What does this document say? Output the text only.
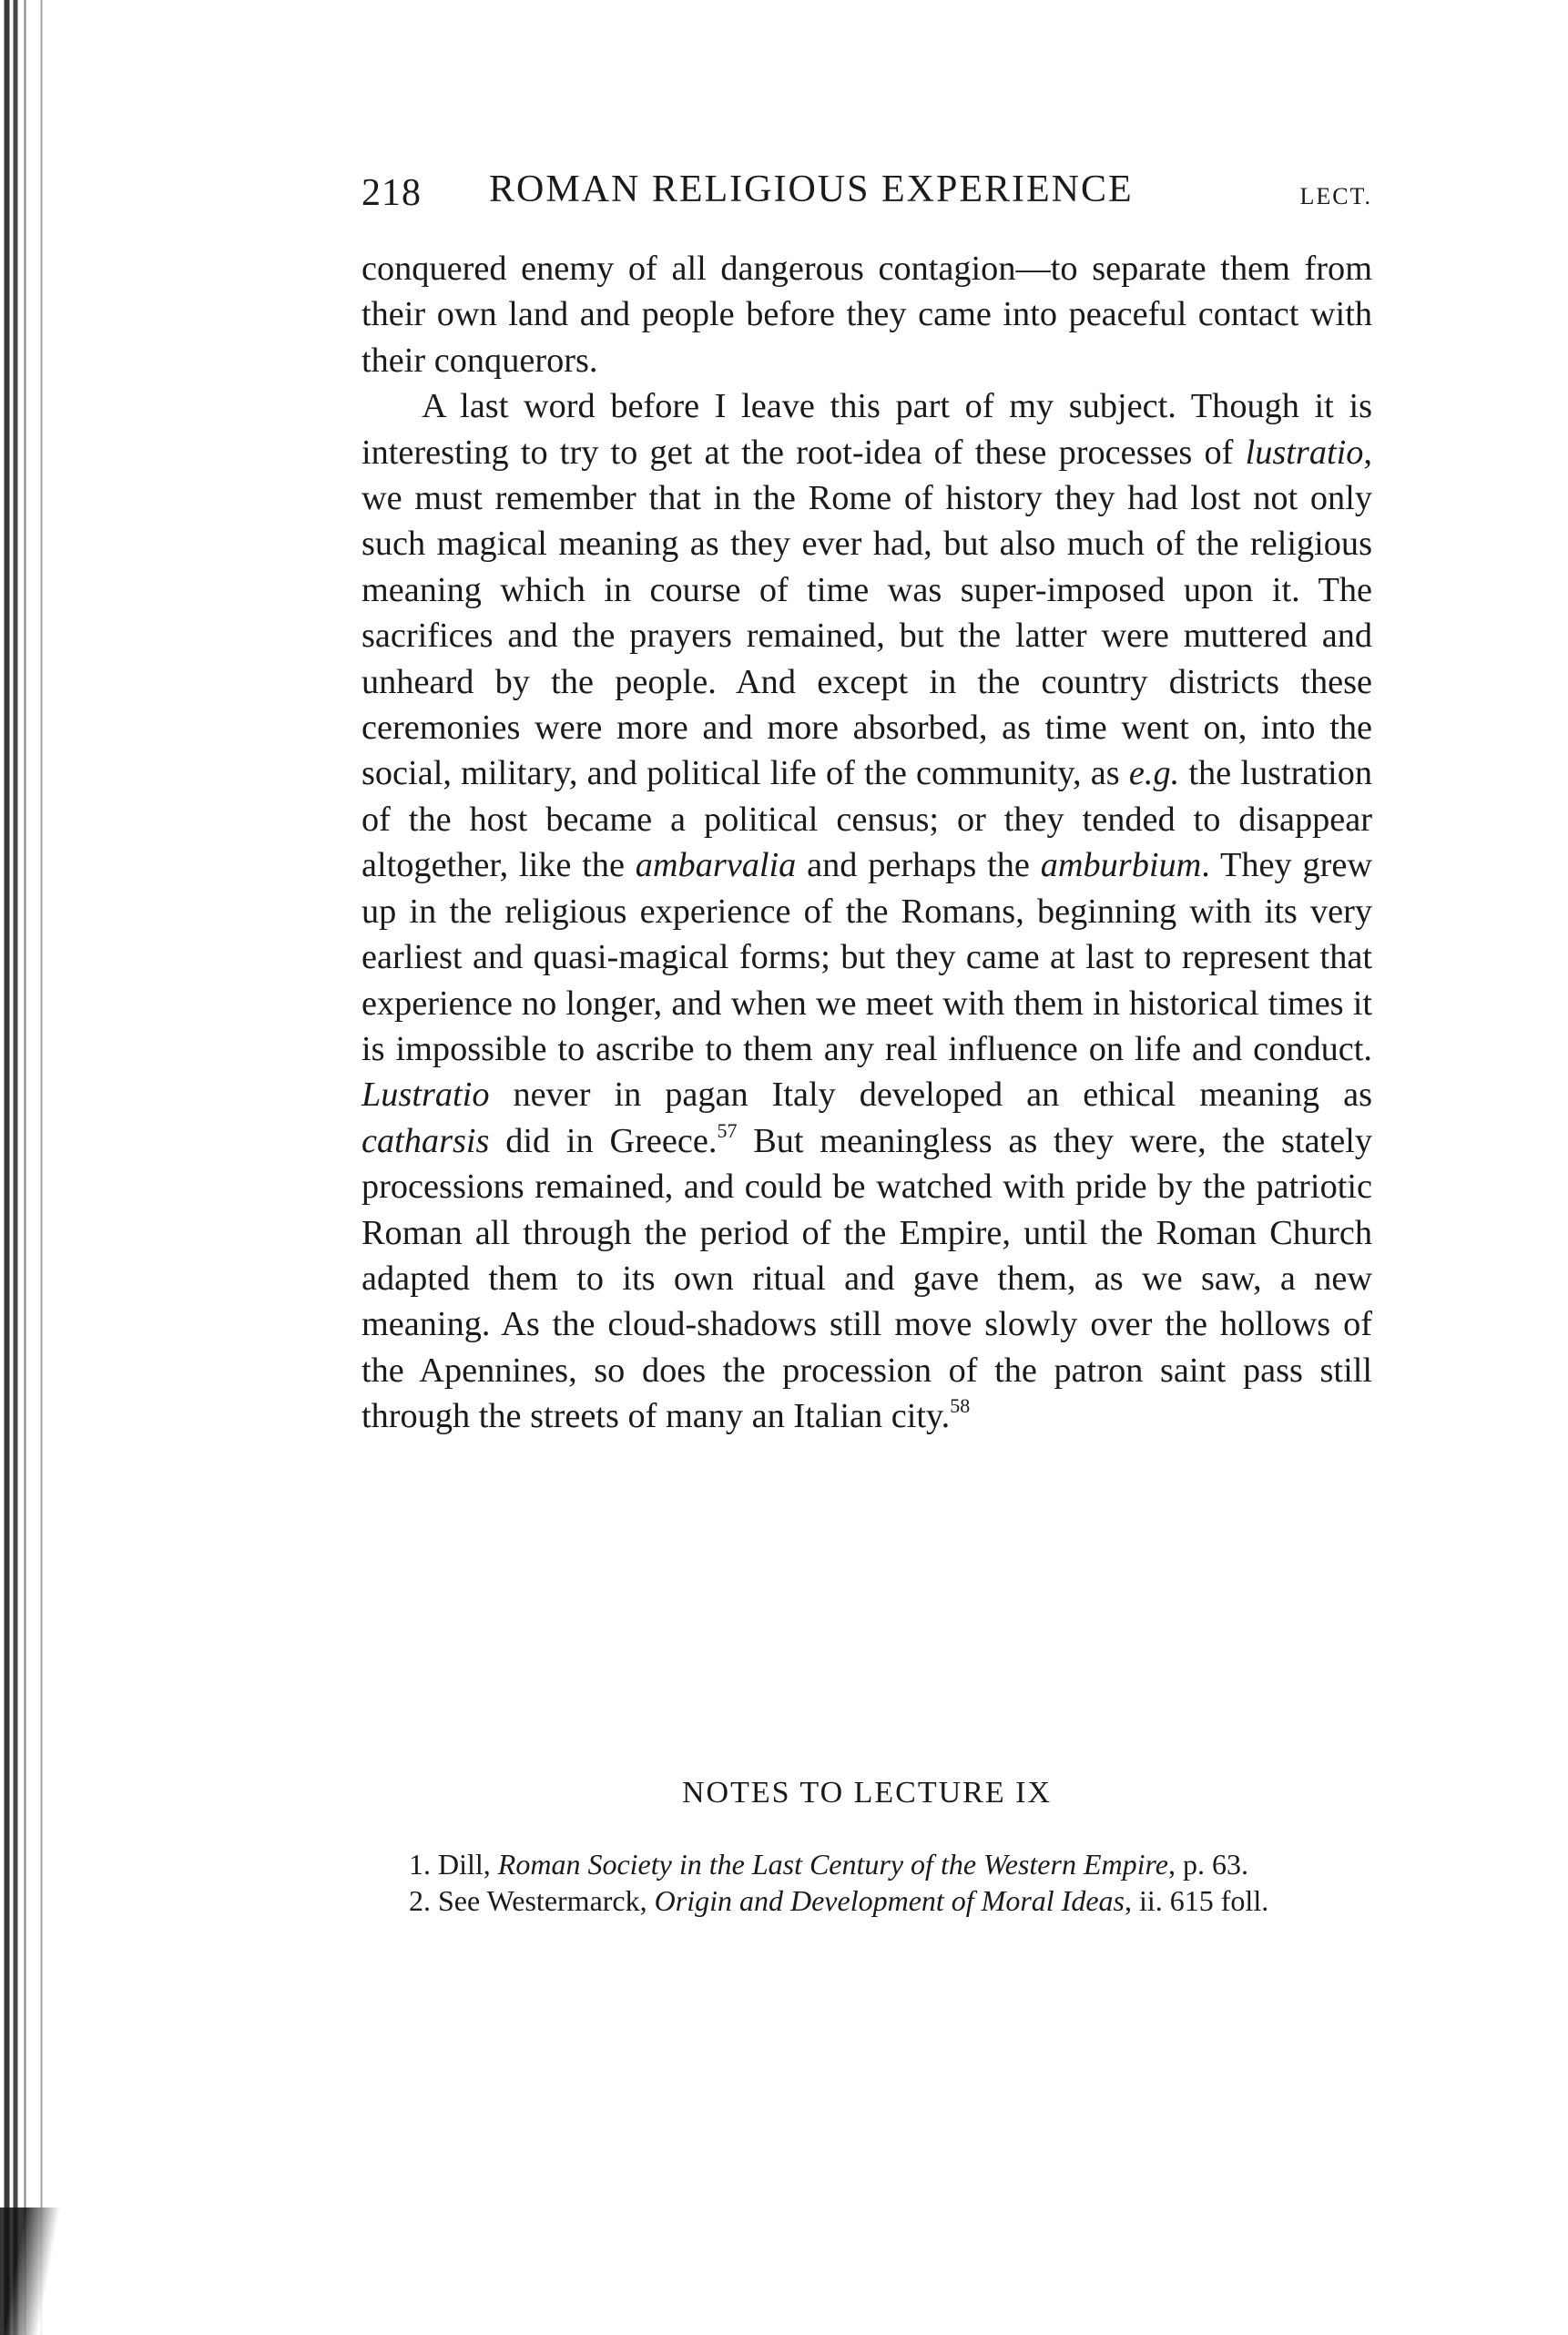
218 ROMAN RELIGIOUS EXPERIENCE	LECT.

conquered enemy of all dangerous contagion—to separate them from their own land and people before they came into peaceful contact with their conquerors.

A last word before I leave this part of my subject. Though it is interesting to try to get at the root-idea of these processes of lustratio, we must remember that in the Rome of history they had lost not only such magical meaning as they ever had, but also much of the religious meaning which in course of time was super-imposed upon it. The sacrifices and the prayers remained, but the latter were muttered and unheard by the people. And except in the country districts these ceremonies were more and more absorbed, as time went on, into the social, military, and political life of the community, as e.g. the lustration of the host became a political census; or they tended to disappear altogether, like the ambarvalia and perhaps the amburbium. They grew up in the religious experience of the Romans, beginning with its very earliest and quasi-magical forms; but they came at last to represent that experience no longer, and when we meet with them in historical times it is impossible to ascribe to them any real influence on life and conduct. Lustratio never in pagan Italy developed an ethical meaning as catharsis did in Greece.$^{57}$ But meaningless as they were, the stately processions remained, and could be watched with pride by the patriotic Roman all through the period of the Empire, until the Roman Church adapted them to its own ritual and gave them, as we saw, a new meaning. As the cloud-shadows still move slowly over the hollows of the Apennines, so does the procession of the patron saint pass still through the streets of many an Italian city.$^{58}$

NOTES TO LECTURE IX

1. Dill, Roman Society in the Last Century of the Western Empire, p. 63.

2. See Westermarck, Origin and Development of Moral Ideas, ii. 615 foll.
